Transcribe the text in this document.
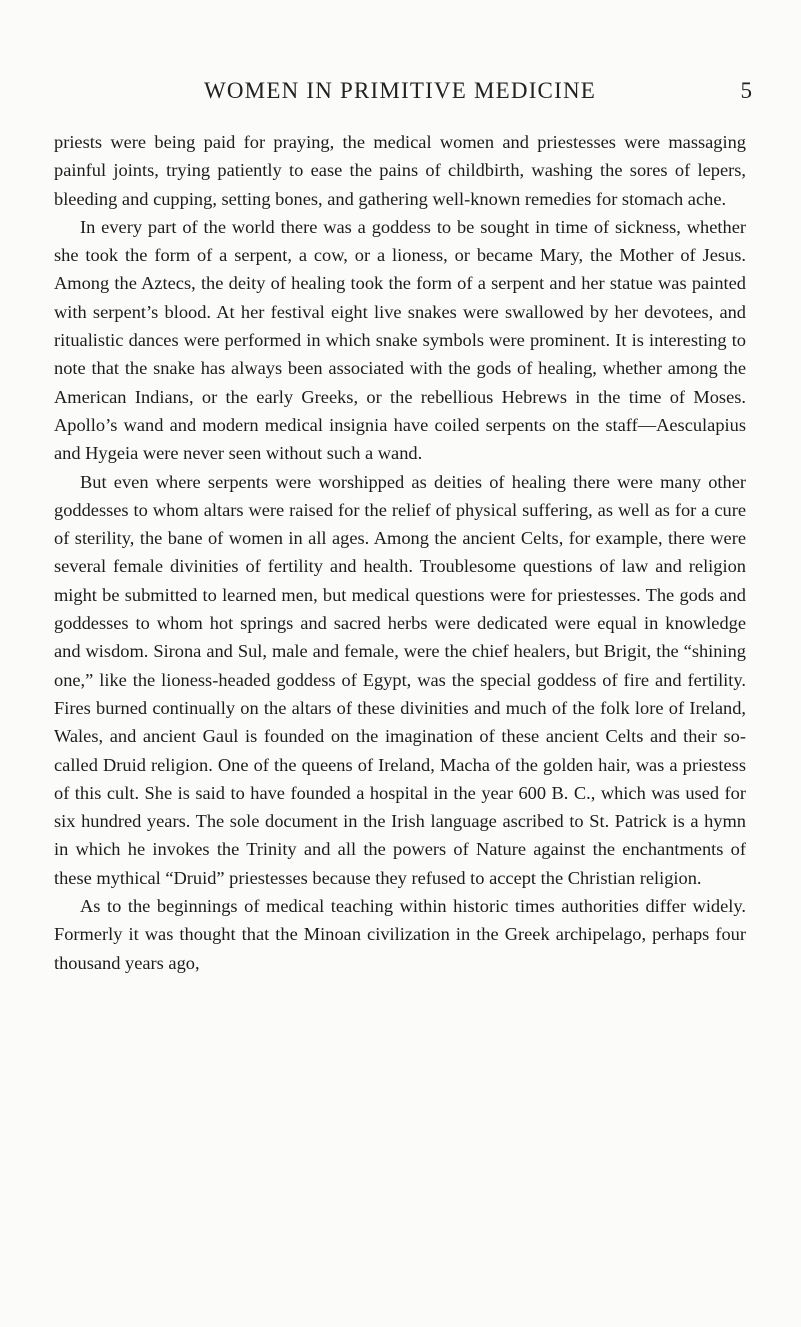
WOMEN IN PRIMITIVE MEDICINE	5

priests were being paid for praying, the medical women and priestesses were massaging painful joints, trying patiently to ease the pains of childbirth, washing the sores of lepers, bleeding and cupping, setting bones, and gathering well-known remedies for stomach ache.

In every part of the world there was a goddess to be sought in time of sickness, whether she took the form of a serpent, a cow, or a lioness, or became Mary, the Mother of Jesus. Among the Aztecs, the deity of healing took the form of a serpent and her statue was painted with serpent’s blood. At her festival eight live snakes were swallowed by her devotees, and ritualistic dances were performed in which snake symbols were prominent. It is interesting to note that the snake has always been associated with the gods of healing, whether among the American Indians, or the early Greeks, or the rebellious Hebrews in the time of Moses. Apollo’s wand and modern medical insignia have coiled serpents on the staff—Aesculapius and Hygeia were never seen without such a wand.

But even where serpents were worshipped as deities of healing there were many other goddesses to whom altars were raised for the relief of physical suffering, as well as for a cure of sterility, the bane of women in all ages. Among the ancient Celts, for example, there were several female divinities of fertility and health. Troublesome questions of law and religion might be submitted to learned men, but medical questions were for priestesses. The gods and goddesses to whom hot springs and sacred herbs were dedicated were equal in knowledge and wisdom. Sirona and Sul, male and female, were the chief healers, but Brigit, the “shining one,” like the lioness-headed goddess of Egypt, was the special goddess of fire and fertility. Fires burned continually on the altars of these divinities and much of the folk lore of Ireland, Wales, and ancient Gaul is founded on the imagination of these ancient Celts and their so-called Druid religion. One of the queens of Ireland, Macha of the golden hair, was a priestess of this cult. She is said to have founded a hospital in the year 600 B. C., which was used for six hundred years. The sole document in the Irish language ascribed to St. Patrick is a hymn in which he invokes the Trinity and all the powers of Nature against the enchantments of these mythical “Druid” priestesses because they refused to accept the Christian religion.

As to the beginnings of medical teaching within historic times authorities differ widely. Formerly it was thought that the Minoan civilization in the Greek archipelago, perhaps four thousand years ago,
